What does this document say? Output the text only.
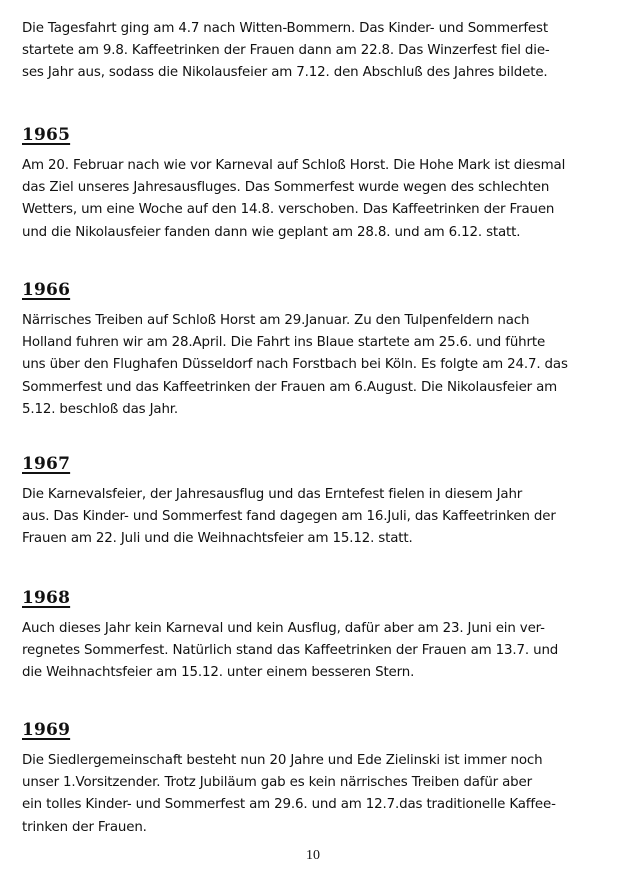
Die Tagesfahrt ging am 4.7 nach Witten-Bommern. Das Kinder- und Sommerfest
startete am 9.8. Kaffeetrinken der Frauen dann am 22.8. Das Winzerfest fiel die-
ses Jahr aus, sodass die Nikolausfeier am 7.12. den Abschluß des Jahres bildete.

1965

Am 20. Februar nach wie vor Karneval auf Schloß Horst. Die Hohe Mark ist diesmal
das Ziel unseres Jahresausfluges. Das Sommerfest wurde wegen des schlechten
Wetters, um eine Woche auf den 14.8. verschoben. Das Kaffeetrinken der Frauen
und die Nikolausfeier fanden dann wie geplant am 28.8. und am 6.12. statt.

1966

Närrisches Treiben auf Schloß Horst am 29.Januar. Zu den Tulpenfeldern nach
Holland fuhren wir am 28.April. Die Fahrt ins Blaue startete am 25.6. und führte
uns über den Flughafen Düsseldorf nach Forstbach bei Köln. Es folgte am 24.7. das
Sommerfest und das Kaffeetrinken der Frauen am 6.August. Die Nikolausfeier am
5.12. beschloß das Jahr.

1967

Die Karnevalsfeier, der Jahresausflug und das Erntefest fielen in diesem Jahr
aus. Das Kinder- und Sommerfest fand dagegen am 16.Juli, das Kaffeetrinken der
Frauen am 22. Juli und die Weihnachtsfeier am 15.12. statt.

1968

Auch dieses Jahr kein Karneval und kein Ausflug, dafür aber am 23. Juni ein ver-
regnetes Sommerfest. Natürlich stand das Kaffeetrinken der Frauen am 13.7. und
die Weihnachtsfeier am 15.12. unter einem besseren Stern.

1969

Die Siedlergemeinschaft besteht nun 20 Jahre und Ede Zielinski ist immer noch
unser 1.Vorsitzender. Trotz Jubiläum gab es kein närrisches Treiben dafür aber
ein tolles Kinder- und Sommerfest am 29.6. und am 12.7.das traditionelle Kaffee-
trinken der Frauen.

10
